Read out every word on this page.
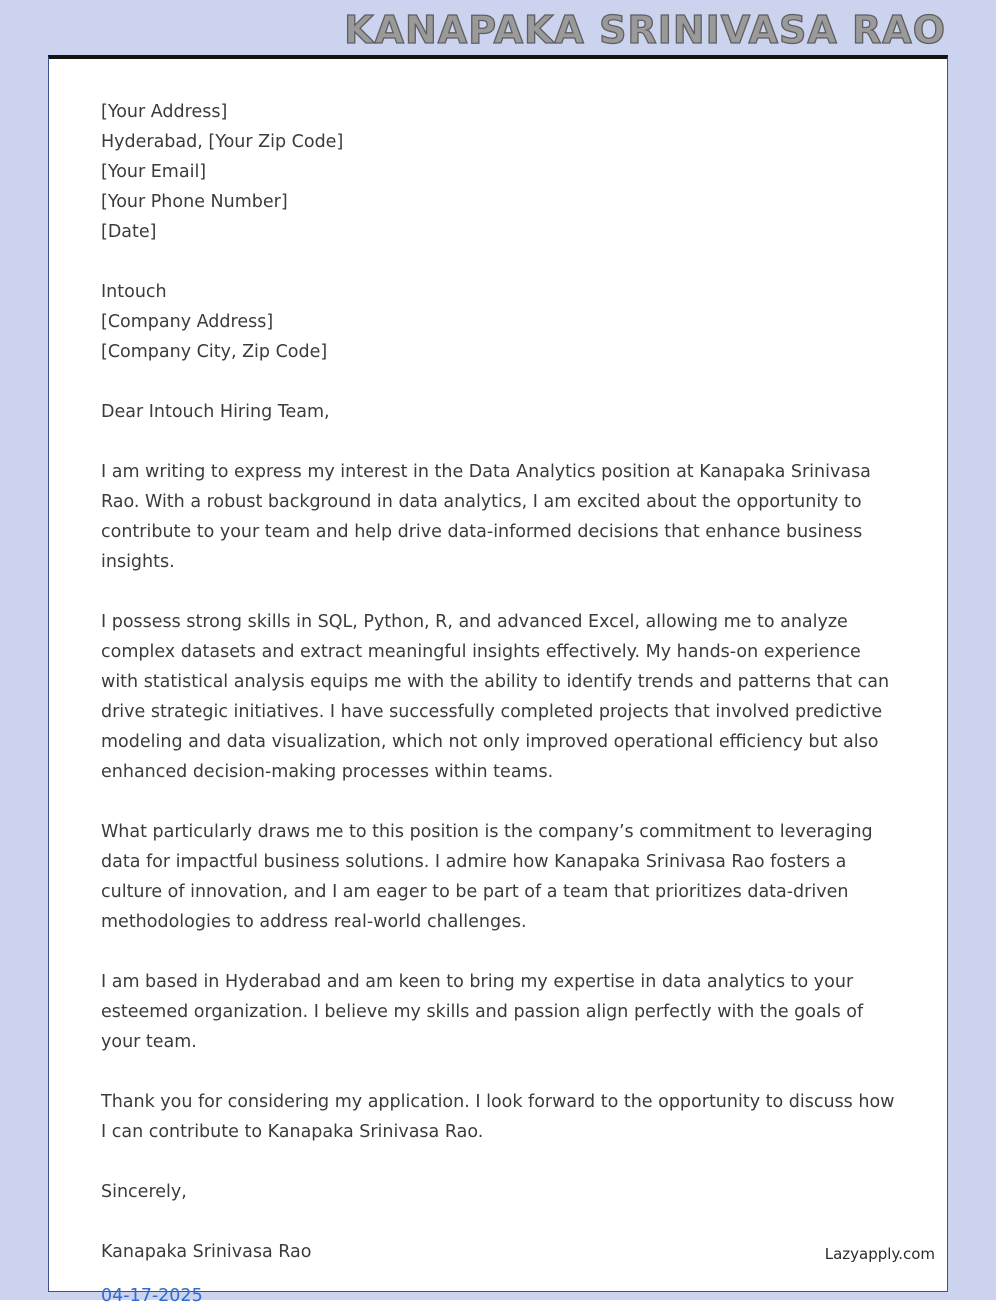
KANAPAKA SRINIVASA RAO
[Your Address]
Hyderabad, [Your Zip Code]
[Your Email]
[Your Phone Number]
[Date]
Intouch
[Company Address]
[Company City, Zip Code]
Dear Intouch Hiring Team,

I am writing to express my interest in the Data Analytics position at Kanapaka Srinivasa Rao. With a robust background in data analytics, I am excited about the opportunity to contribute to your team and help drive data-informed decisions that enhance business insights.

I possess strong skills in SQL, Python, R, and advanced Excel, allowing me to analyze complex datasets and extract meaningful insights effectively. My hands-on experience with statistical analysis equips me with the ability to identify trends and patterns that can drive strategic initiatives. I have successfully completed projects that involved predictive modeling and data visualization, which not only improved operational efficiency but also enhanced decision-making processes within teams.

What particularly draws me to this position is the company’s commitment to leveraging data for impactful business solutions. I admire how Kanapaka Srinivasa Rao fosters a culture of innovation, and I am eager to be part of a team that prioritizes data-driven methodologies to address real-world challenges.

I am based in Hyderabad and am keen to bring my expertise in data analytics to your esteemed organization. I believe my skills and passion align perfectly with the goals of your team.

Thank you for considering my application. I look forward to the opportunity to discuss how I can contribute to Kanapaka Srinivasa Rao.

Sincerely,
Kanapaka Srinivasa Rao
04-17-2025
Lazyapply.com
